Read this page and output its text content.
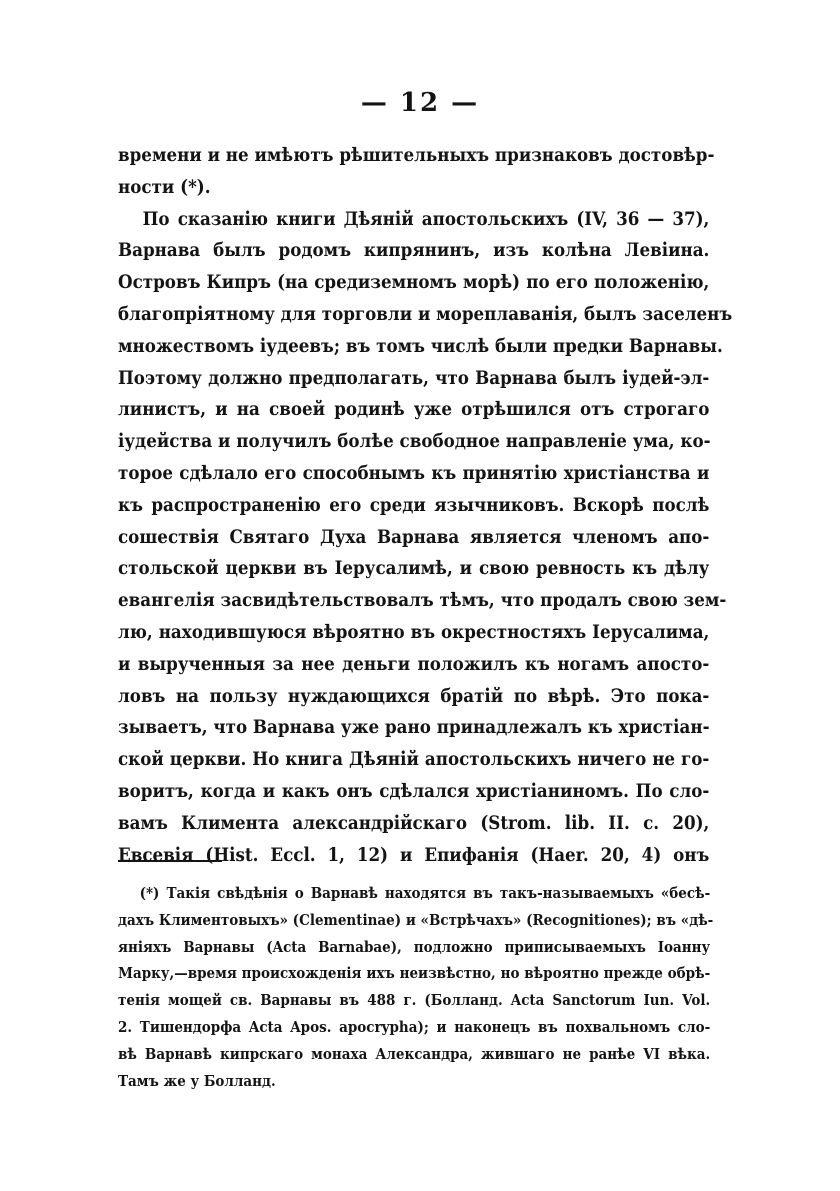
— 12 —
времени и не имѣютъ рѣшительныхъ признаковъ достовѣр-
ности (*).
По сказанію книги Дѣяній апостольскихъ (IV, 36 — 37),
Варнава былъ родомъ кипрянинъ, изъ колѣна Левіина.
Островъ Кипръ (на средиземномъ морѣ) по его положенію,
благопріятному для торговли и мореплаванія, былъ заселенъ
множествомъ іудеевъ; въ томъ числѣ были предки Варнавы.
Поэтому должно предполагать, что Варнава былъ іудей-эл-
линистъ, и на своей родинѣ уже отрѣшился отъ строгаго
іудейства и получилъ болѣе свободное направленіе ума, ко-
торое сдѣлало его способнымъ къ принятію христіанства и
къ распространенію его среди язычниковъ. Вскорѣ послѣ
сошествія Святаго Духа Варнава является членомъ апо-
стольской церкви въ Іерусалимѣ, и свою ревность къ дѣлу
евангелія засвидѣтельствовалъ тѣмъ, что продалъ свою зем-
лю, находившуюся вѣроятно въ окрестностяхъ Іерусалима,
и вырученныя за нее деньги положилъ къ ногамъ апосто-
ловъ на пользу нуждающихся братій по вѣрѣ. Это пока-
зываетъ, что Варнава уже рано принадлежалъ къ христіан-
ской церкви. Но книга Дѣяній апостольскихъ ничего не го-
воритъ, когда и какъ онъ сдѣлался христіаниномъ. По сло-
вамъ Климента александрійскаго (Strom. lib. II. c. 20),
Евсевія (Hist. Eccl. 1, 12) и Епифанія (Haer. 20, 4) онъ
(*) Такія свѣдѣнія о Варнавѣ находятся въ такъ-называемыхъ «бесѣ-
дахъ Климентовыхъ» (Clementinae) и «Встрѣчахъ» (Recognitiones); въ «дѣ-
яніяхъ Варнавы (Acta Barnabae), подложно приписываемыхъ Іоанну
Марку,—время происхожденія ихъ неизвѣстно, но вѣроятно прежде обрѣ-
тенія мощей св. Варнавы въ 488 г. (Болланд. Acta Sanctorum Iun. Vol.
2. Тишендорфа Acta Apos. apocrypha); и наконецъ въ похвальномъ сло-
вѣ Варнавѣ кипрскаго монаха Александра, жившаго не ранѣе VI вѣка.
Тамъ же у Болланд.
